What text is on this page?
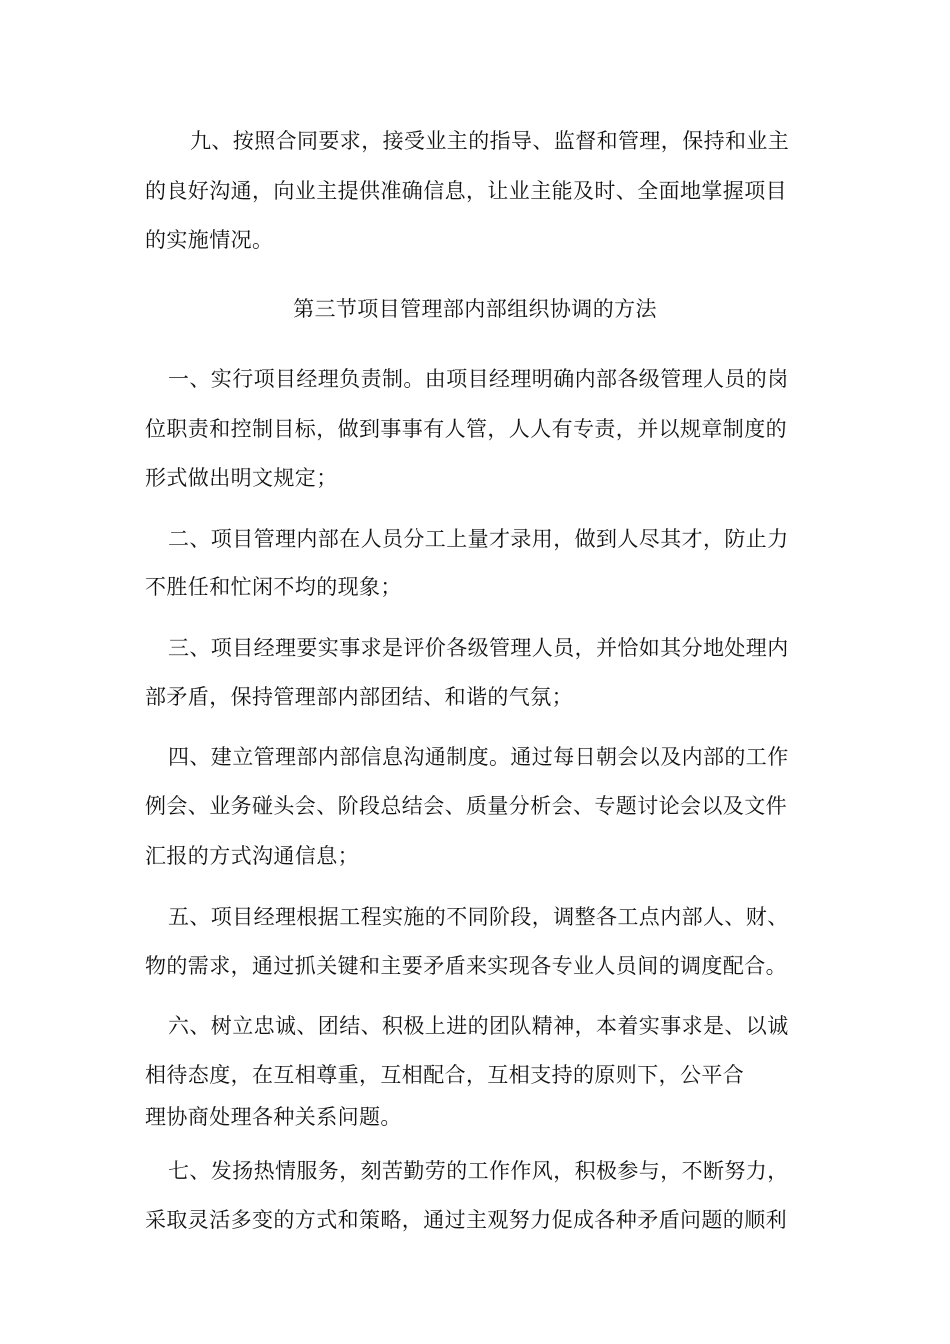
九、按照合同要求，接受业主的指导、监督和管理，保持和业主
的良好沟通，向业主提供准确信息，让业主能及时、全面地掌握项目
的实施情况。
第三节项目管理部内部组织协调的方法
一、实行项目经理负责制。由项目经理明确内部各级管理人员的岗
位职责和控制目标，做到事事有人管，人人有专责，并以规章制度的
形式做出明文规定；
二、项目管理内部在人员分工上量才录用，做到人尽其才，防止力
不胜任和忙闲不均的现象；
三、项目经理要实事求是评价各级管理人员，并恰如其分地处理内
部矛盾，保持管理部内部团结、和谐的气氛；
四、建立管理部内部信息沟通制度。通过每日朝会以及内部的工作
例会、业务碰头会、阶段总结会、质量分析会、专题讨论会以及文件
汇报的方式沟通信息；
五、项目经理根据工程实施的不同阶段，调整各工点内部人、财、
物的需求，通过抓关键和主要矛盾来实现各专业人员间的调度配合。
六、树立忠诚、团结、积极上进的团队精神，本着实事求是、以诚
相待态度，在互相尊重，互相配合，互相支持的原则下，公平合
理协商处理各种关系问题。
七、发扬热情服务，刻苦勤劳的工作作风，积极参与，不断努力，
采取灵活多变的方式和策略，通过主观努力促成各种矛盾问题的顺利
